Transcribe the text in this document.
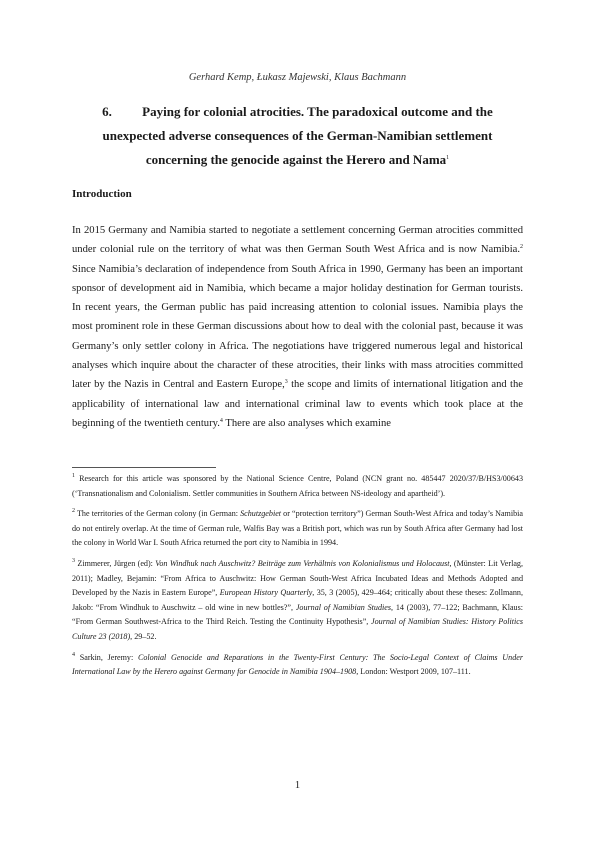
Gerhard Kemp, Łukasz Majewski, Klaus Bachmann
6. Paying for colonial atrocities. The paradoxical outcome and the
unexpected adverse consequences of the German-Namibian settlement
concerning the genocide against the Herero and Nama$^1$
Introduction
In 2015 Germany and Namibia started to negotiate a settlement concerning German atrocities committed under colonial rule on the territory of what was then German South West Africa and is now Namibia.$^2$ Since Namibia’s declaration of independence from South Africa in 1990, Germany has been an important sponsor of development aid in Namibia, which became a major holiday destination for German tourists. In recent years, the German public has paid increasing attention to colonial issues. Namibia plays the most prominent role in these German discussions about how to deal with the colonial past, because it was Germany’s only settler colony in Africa. The negotiations have triggered numerous legal and historical analyses which inquire about the character of these atrocities, their links with mass atrocities committed later by the Nazis in Central and Eastern Europe,$^3$ the scope and limits of international litigation and the applicability of international law and international criminal law to events which took place at the beginning of the twentieth century.$^4$ There are also analyses which examine
$^1$ Research for this article was sponsored by the National Science Centre, Poland (NCN grant no. 485447 2020/37/B/HS3/00643 (‘Transnationalism and Colonialism. Settler communities in Southern Africa between NS-ideology and apartheid’).
$^2$ The territories of the German colony (in German: Schutzgebiet or “protection territory”) German South-West Africa and today’s Namibia do not entirely overlap. At the time of German rule, Walfis Bay was a British port, which was run by South Africa after Germany had lost the colony in World War I. South Africa returned the port city to Namibia in 1994.
$^3$ Zimmerer, Jürgen (ed): Von Windhuk nach Auschwitz? Beiträge zum Verhältnis von Kolonialismus und Holocaust, (Münster: Lit Verlag, 2011); Madley, Bejamin: “From Africa to Auschwitz: How German South-West Africa Incubated Ideas and Methods Adopted and Developed by the Nazis in Eastern Europe”, European History Quarterly, 35, 3 (2005), 429–464; critically about these theses: Zollmann, Jakob: “From Windhuk to Auschwitz – old wine in new bottles?”, Journal of Namibian Studies, 14 (2003), 77–122; Bachmann, Klaus: “From German Southwest-Africa to the Third Reich. Testing the Continuity Hypothesis”, Journal of Namibian Studies: History Politics Culture 23 (2018), 29–52.
$^4$ Sarkin, Jeremy: Colonial Genocide and Reparations in the Twenty-First Century: The Socio-Legal Context of Claims Under International Law by the Herero against Germany for Genocide in Namibia 1904–1908, London: Westport 2009, 107–111.
1
